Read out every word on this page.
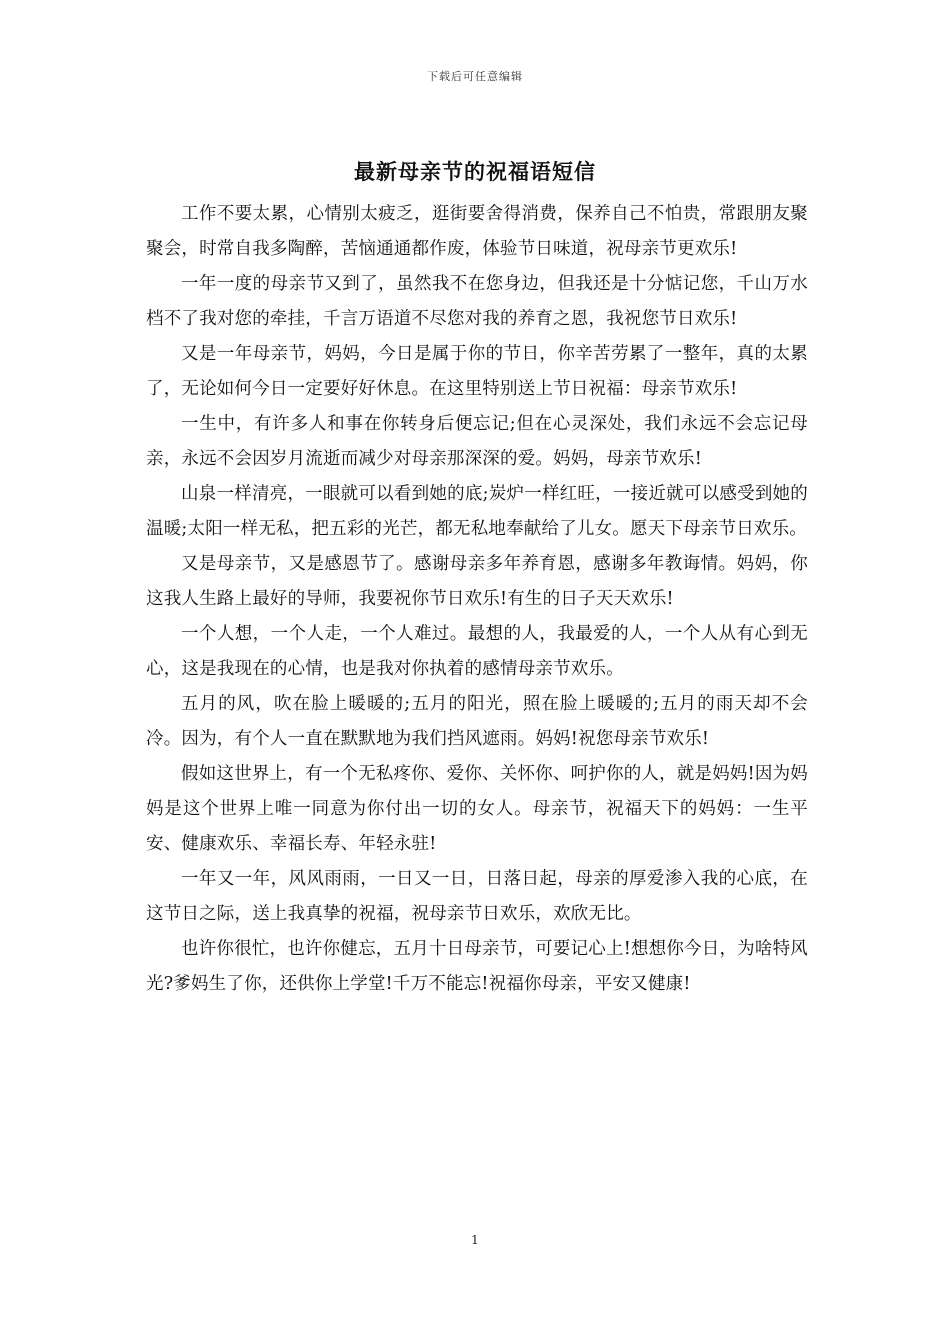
下载后可任意编辑
最新母亲节的祝福语短信

工作不要太累，心情别太疲乏，逛街要舍得消费，保养自己不怕贵，常跟朋友聚聚会，时常自我多陶醉，苦恼通通都作废，体验节日味道，祝母亲节更欢乐!

一年一度的母亲节又到了，虽然我不在您身边，但我还是十分惦记您，千山万水档不了我对您的牵挂，千言万语道不尽您对我的养育之恩，我祝您节日欢乐!

又是一年母亲节，妈妈，今日是属于你的节日，你辛苦劳累了一整年，真的太累了，无论如何今日一定要好好休息。在这里特别送上节日祝福：母亲节欢乐!

一生中，有许多人和事在你转身后便忘记;但在心灵深处，我们永远不会忘记母亲，永远不会因岁月流逝而减少对母亲那深深的爱。妈妈，母亲节欢乐!

山泉一样清亮，一眼就可以看到她的底;炭炉一样红旺，一接近就可以感受到她的温暖;太阳一样无私，把五彩的光芒，都无私地奉献给了儿女。愿天下母亲节日欢乐。

又是母亲节，又是感恩节了。感谢母亲多年养育恩，感谢多年教诲情。妈妈，你这我人生路上最好的导师，我要祝你节日欢乐!有生的日子天天欢乐!

一个人想，一个人走，一个人难过。最想的人，我最爱的人，一个人从有心到无心，这是我现在的心情，也是我对你执着的感情母亲节欢乐。

五月的风，吹在脸上暖暖的;五月的阳光，照在脸上暖暖的;五月的雨天却不会冷。因为，有个人一直在默默地为我们挡风遮雨。妈妈!祝您母亲节欢乐!

假如这世界上，有一个无私疼你、爱你、关怀你、呵护你的人，就是妈妈!因为妈妈是这个世界上唯一同意为你付出一切的女人。母亲节，祝福天下的妈妈：一生平安、健康欢乐、幸福长寿、年轻永驻!

一年又一年，风风雨雨，一日又一日，日落日起，母亲的厚爱渗入我的心底，在这节日之际，送上我真挚的祝福，祝母亲节日欢乐，欢欣无比。

也许你很忙，也许你健忘，五月十日母亲节，可要记心上!想想你今日，为啥特风光?爹妈生了你，还供你上学堂!千万不能忘!祝福你母亲，平安又健康!

1
